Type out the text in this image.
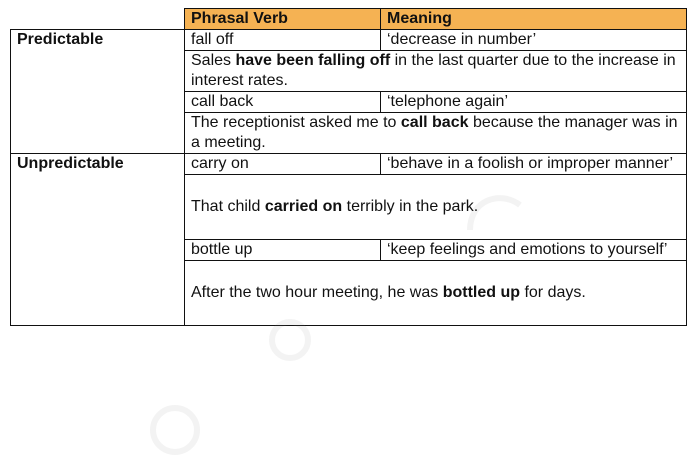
	Phrasal Verb	Meaning
Predictable	fall off	‘decrease in number’
	Sales have been falling off in the last quarter due to the increase in interest rates.	
	call back	‘telephone again’
	The receptionist asked me to call back because the manager was in a meeting.	
Unpredictable	carry on	‘behave in a foolish or improper manner’
	That child carried on terribly in the park.	
	bottle up	‘keep feelings and emotions to yourself’
	After the two hour meeting, he was bottled up for days.	
